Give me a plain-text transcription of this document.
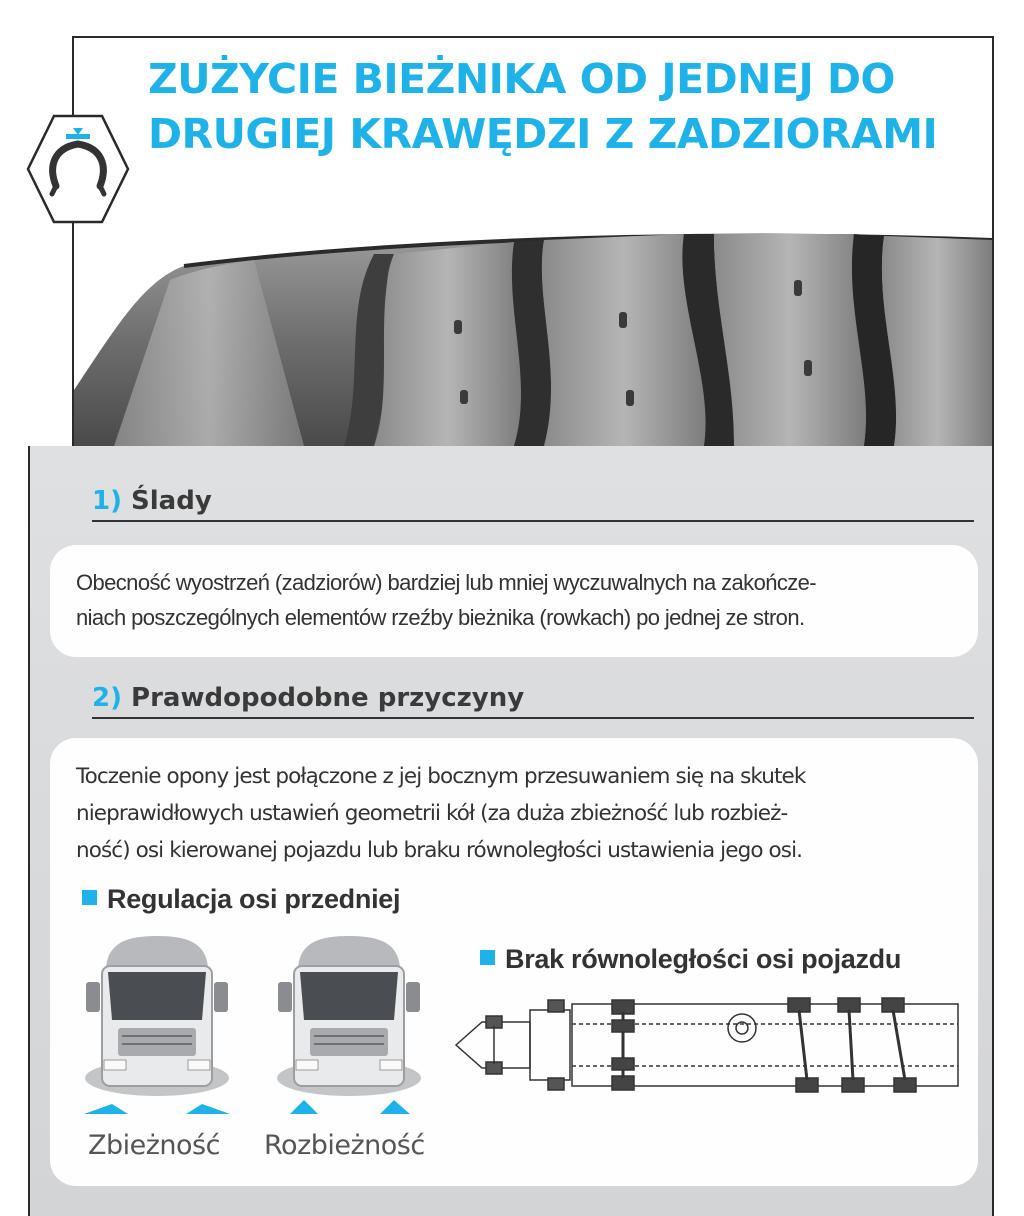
ZUŻYCIE BIEŻNIKA OD JEDNEJ DO
DRUGIEJ KRAWĘDZI Z ZADZIORAMI
1) Ślady
Obecność wyostrzeń (zadziorów) bardziej lub mniej wyczuwalnych na zakończe-
niach poszczególnych elementów rzeźby bieżnika (rowkach) po jednej ze stron.
2) Prawdopodobne przyczyny

Toczenie opony jest połączone z jej bocznym przesuwaniem się na skutek
nieprawidłowych ustawień geometrii kół (za duża zbieżność lub rozbież-
ność) osi kierowanej pojazdu lub braku równoległości ustawienia jego osi.

Regulacja osi przedniej
Brak równoległości osi pojazdu
Zbieżność Rozbieżność
